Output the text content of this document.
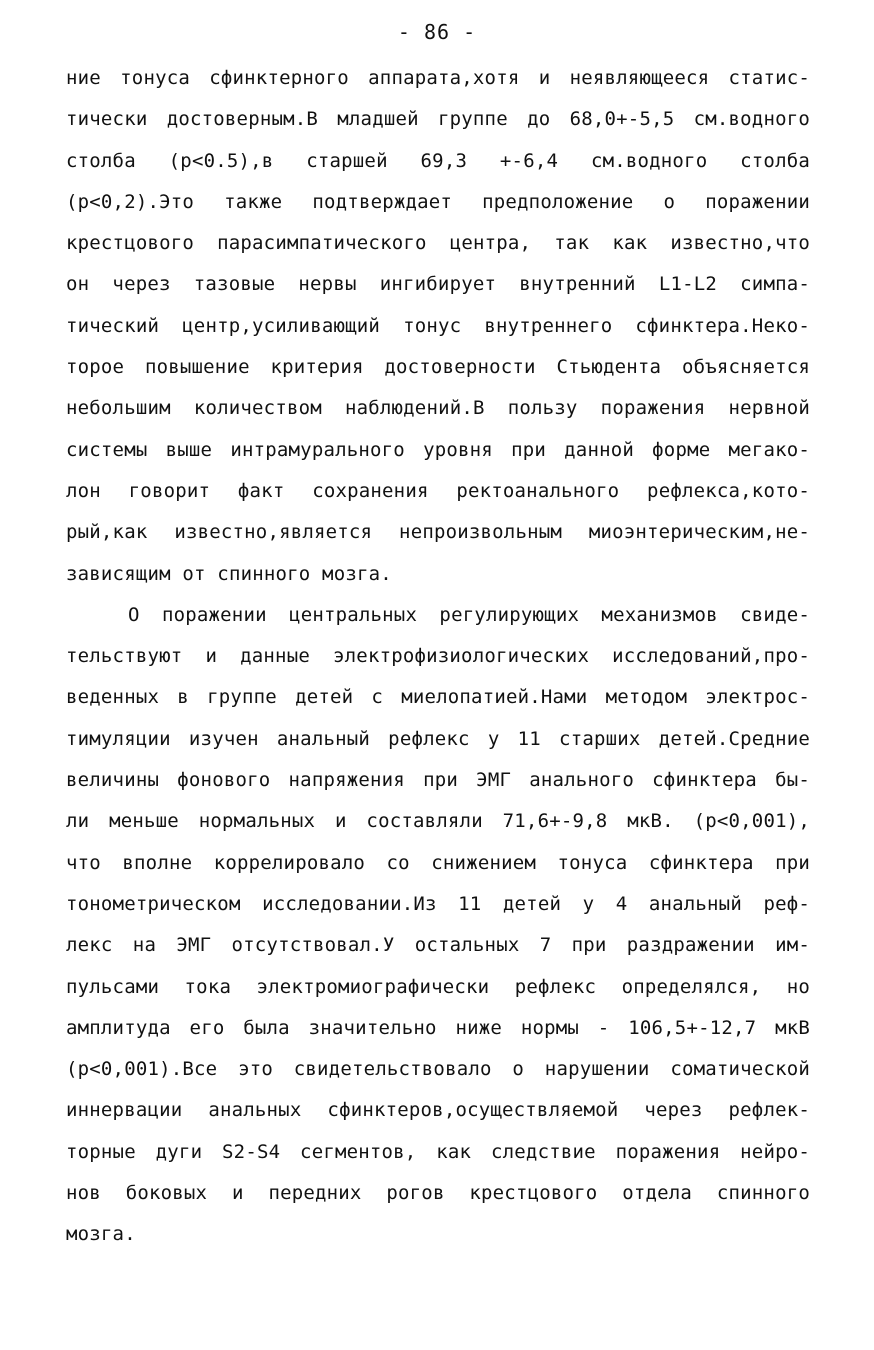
- 86 -
ние тонуса сфинктерного аппарата,хотя и неявляющееся статис-
тически достоверным.В младшей группе до 68,0+-5,5 см.водного
столба (p<0.5),в старшей 69,3 +-6,4 см.водного столба
(p<0,2).Это также подтверждает предположение о поражении
крестцового парасимпатического центра, так как известно,что
он через тазовые нервы ингибирует внутренний L1-L2 симпа-
тический центр,усиливающий тонус внутреннего сфинктера.Неко-
торое повышение критерия достоверности Стьюдента объясняется
небольшим количеством наблюдений.В пользу поражения нервной
системы выше интрамурального уровня при данной форме мегако-
лон говорит факт сохранения ректоанального рефлекса,кото-
рый,как известно,является непроизвольным миоэнтерическим,не-
зависящим от спинного мозга.
О поражении центральных регулирующих механизмов свиде-
тельствуют и данные электрофизиологических исследований,про-
веденных в группе детей с миелопатией.Нами методом электрос-
тимуляции изучен анальный рефлекс у 11 старших детей.Средние
величины фонового напряжения при ЭМГ анального сфинктера бы-
ли меньше нормальных и составляли 71,6+-9,8 мкВ. (p<0,001),
что вполне коррелировало со снижением тонуса сфинктера при
тонометрическом исследовании.Из 11 детей у 4 анальный реф-
лекс на ЭМГ отсутствовал.У остальных 7 при раздражении им-
пульсами тока электромиографически рефлекс определялся, но
амплитуда его была значительно ниже нормы - 106,5+-12,7 мкВ
(p<0,001).Все это свидетельствовало о нарушении соматической
иннервации анальных сфинктеров,осуществляемой через рефлек-
торные дуги S2-S4 сегментов, как следствие поражения нейро-
нов боковых и передних рогов крестцового отдела спинного
мозга.
